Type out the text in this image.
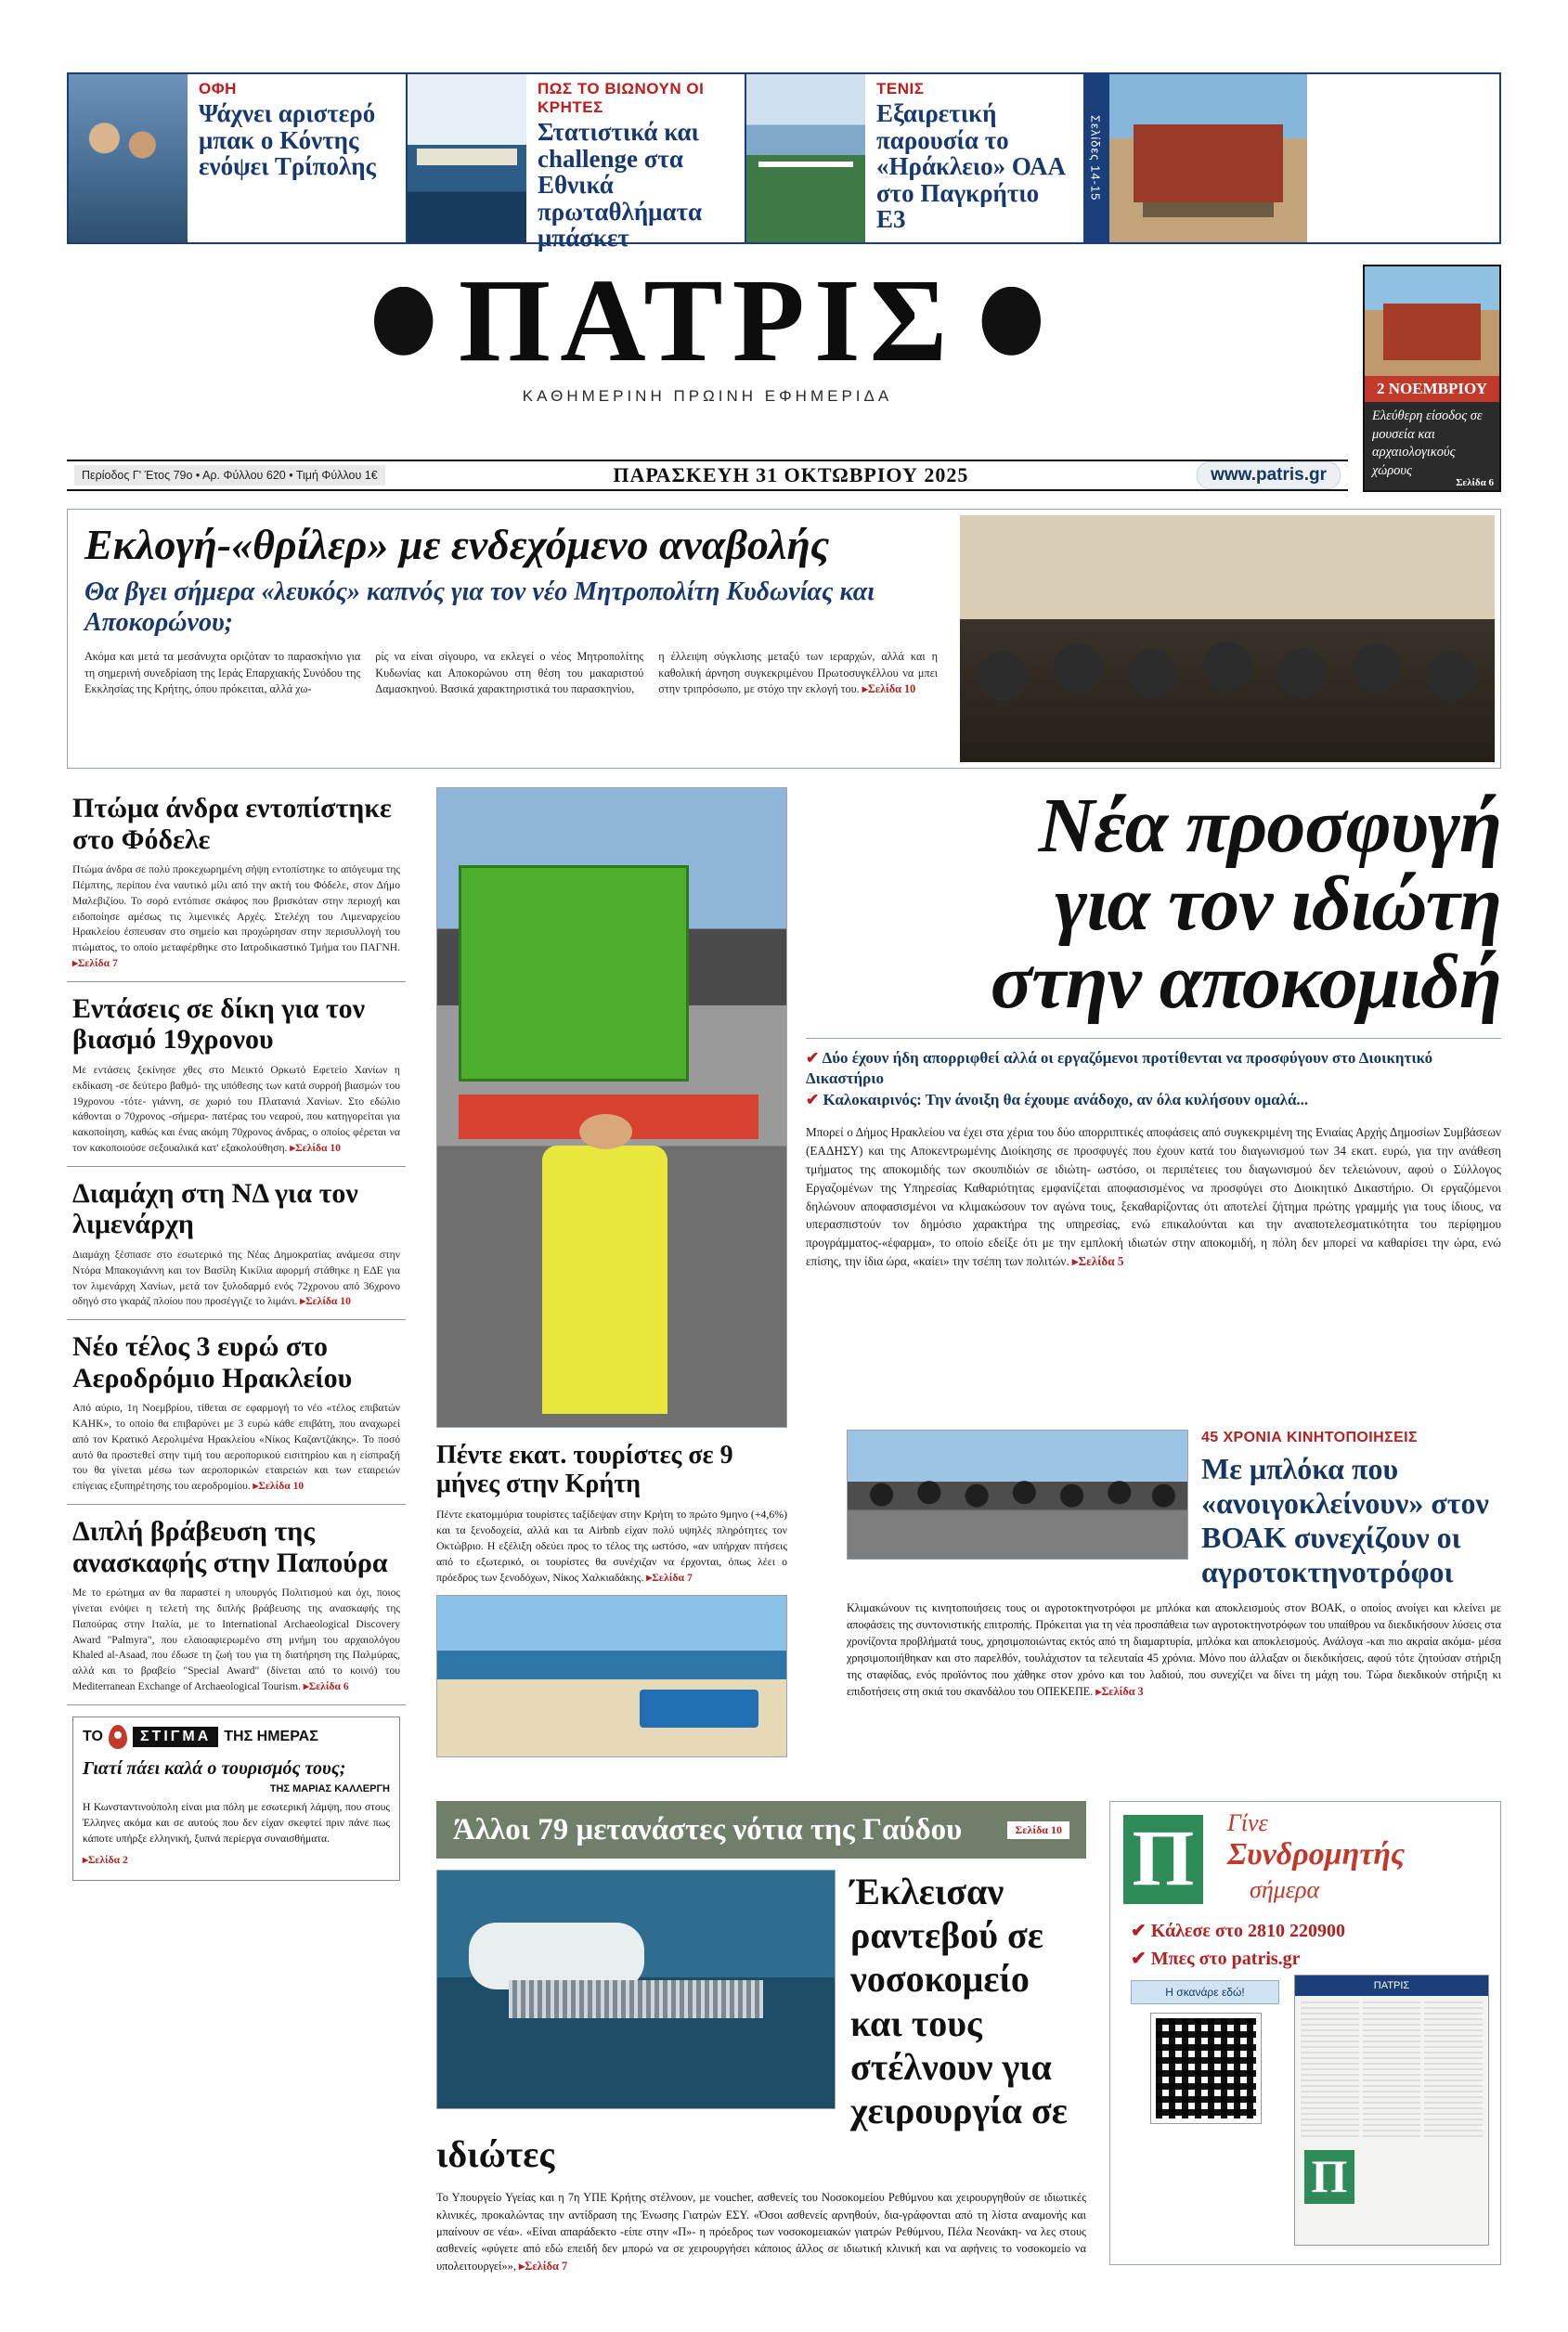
ΟΦΗ
Ψάχνει αριστερό μπακ ο Κόντης ενόψει Τρίπολης
ΠΩΣ ΤΟ ΒΙΩΝΟΥΝ ΟΙ ΚΡΗΤΕΣ
Στατιστικά και challenge στα Εθνικά πρωταθλήματα μπάσκετ
ΤΕΝΙΣ
Εξαιρετική παρουσία το «Ηράκλειο» ΟΑΑ στο Παγκρήτιο Ε3
Σελίδες 14-15
ΠΑΤΡΙΣ
ΚΑΘΗΜΕΡΙΝΗ ΠΡΩΙΝΗ ΕΦΗΜΕΡΙΔΑ
Περίοδος Γ' Έτος 79ο • Αρ. Φύλλου 620 • Τιμή Φύλλου 1€	ΠΑΡΑΣΚΕΥΗ 31 ΟΚΤΩΒΡΙΟΥ 2025	www.patris.gr
2 ΝΟΕΜΒΡΙΟΥ
Ελεύθερη είσοδος σε μουσεία και αρχαιολογικούς χώρους
Σελίδα 6
Εκλογή-«θρίλερ» με ενδεχόμενο αναβολής
Θα βγει σήμερα «λευκός» καπνός για τον νέο Μητροπολίτη Κυδωνίας και Αποκορώνου;

Ακόμα και μετά τα μεσάνυχτα οριζόταν το παρασκήνιο για τη σημερινή συνεδρίαση της Ιεράς Επαρχιακής Συνόδου της Εκκλησίας της Κρήτης, όπου πρόκειται, αλλά χω-

ρίς να είναι σίγουρο, να εκλεγεί ο νέος Μητροπολίτης Κυδωνίας και Αποκορώνου στη θέση του μακαριστού Δαμασκηνού. Βασικά χαρακτηριστικά του παρασκηνίου,

η έλλειψη σύγκλισης μεταξύ των ιεραρχών, αλλά και η καθολική άρνηση συγκεκριμένου Πρωτοσυγκέλλου να μπει στην τριπρόσωπο, με στόχο την εκλογή του. ▸ Σελίδα 10

Πτώμα άνδρα εντοπίστηκε στο Φόδελε

Πτώμα άνδρα σε πολύ προκεχωρημένη σήψη εντοπίστηκε το απόγευμα της Πέμπτης, περίπου ένα ναυτικό μίλι από την ακτή του Φόδελε, στον Δήμο Μαλεβιζίου. Το σορό εντόπισε σκάφος που βρισκόταν στην περιοχή και ειδοποίησε αμέσως τις λιμενικές Αρχές. Στελέχη του Λιμεναρχείου Ηρακλείου έσπευσαν στο σημείο και προχώρησαν στην περισυλλογή του πτώματος, το οποίο μεταφέρθηκε στο Ιατροδικαστικό Τμήμα του ΠΑΓΝΗ. ▸ Σελίδα 7

Εντάσεις σε δίκη για τον βιασμό 19χρονου

Με εντάσεις ξεκίνησε χθες στο Μεικτό Ορκωτό Εφετείο Χανίων η εκδίκαση -σε δεύτερο βαθμό- της υπόθεσης των κατά συρροή βιασμών του 19χρονου -τότε- γιάννη, σε χωριό του Πλατανιά Χανίων. Στο εδώλιο κάθονται ο 70χρονος -σήμερα- πατέρας του νεαρού, που κατηγορείται για κακοποίηση, καθώς και ένας ακόμη 70χρονος άνδρας, ο οποίος φέρεται να τον κακοποιούσε σεξουαλικά κατ' εξακολούθηση. ▸ Σελίδα 10

Διαμάχη στη ΝΔ για τον λιμενάρχη

Διαμάχη ξέσπασε στο εσωτερικό της Νέας Δημοκρατίας ανάμεσα στην Ντόρα Μπακογιάννη και τον Βασίλη Κικίλια αφορμή στάθηκε η ΕΔΕ για τον λιμενάρχη Χανίων, μετά τον ξυλοδαρμό ενός 72χρονου από 36χρονο οδηγό στο γκαράζ πλοίου που προσέγγιζε το λιμάνι. ▸ Σελίδα 10

Νέο τέλος 3 ευρώ στο Αεροδρόμιο Ηρακλείου

Από αύριο, 1η Νοεμβρίου, τίθεται σε εφαρμογή το νέο «τέλος επιβατών ΚΑΗΚ», το οποίο θα επιβαρύνει με 3 ευρώ κάθε επιβάτη, που αναχωρεί από τον Κρατικό Αερολιμένα Ηρακλείου «Νίκος Καζαντζάκης». Το ποσό αυτό θα προστεθεί στην τιμή του αεροπορικού εισιτηρίου και η είσπραξή του θα γίνεται μέσω των αεροπορικών εταιρειών και των εταιρειών επίγειας εξυπηρέτησης του αεροδρομίου. ▸ Σελίδα 10

Διπλή βράβευση της ανασκαφής στην Παπούρα

Με το ερώτημα αν θα παραστεί η υπουργός Πολιτισμού και όχι, ποιος γίνεται ενόψει η τελετή της διπλής βράβευσης της ανασκαφής της Παπούρας στην Ιταλία, με το International Archaeological Discovery Award "Palmyra", που ελαιοαφιερωμένο στη μνήμη του αρχαιολόγου Khaled al-Asaad, που έδωσε τη ζωή του για τη διατήρηση της Παλμύρας, αλλά και το βραβείο "Special Award" (δίνεται από το κοινό) του Mediterranean Exchange of Archaeological Tourism. ▸ Σελίδα 6

ΤΟ	ΣΤΙΓΜΑ ΤΗΣ ΗΜΕΡΑΣ
Γιατί πάει καλά ο τουρισμός τους;
ΤΗΣ ΜΑΡΙΑΣ ΚΑΛΛΕΡΓΗ

Η Κωνσταντινούπολη είναι μια πόλη με εσωτερική λάμψη, που στους Έλληνες ακόμα και σε αυτούς που δεν είχαν σκεφτεί πριν πάνε πως κάποτε υπήρξε ελληνική, ξυπνά περίεργα συναισθήματα.

▸ Σελίδα 2

Νέα προσφυγή
για τον ιδιώτη
στην αποκομιδή
✔ Δύο έχουν ήδη απορριφθεί αλλά οι εργαζόμενοι προτίθενται να προσφύγουν στο Διοικητικό Δικαστήριο
✔ Καλοκαιρινός: Την άνοιξη θα έχουμε ανάδοχο, αν όλα κυλήσουν ομαλά...
Μπορεί ο Δήμος Ηρακλείου να έχει στα χέρια του δύο απορριπτικές αποφάσεις από συγκεκριμένη της Ενιαίας Αρχής Δημοσίων Συμβάσεων (ΕΑΔΗΣΥ) και της Αποκεντρωμένης Διοίκησης σε προσφυγές που έχουν κατά του διαγωνισμού των 34 εκατ. ευρώ, για την ανάθεση τμήματος της αποκομιδής των σκουπιδιών σε ιδιώτη- ωστόσο, οι περιπέτειες του διαγωνισμού δεν τελειώνουν, αφού ο Σύλλογος Εργαζομένων της Υπηρεσίας Καθαριότητας εμφανίζεται αποφασισμένος να προσφύγει στο Διοικητικό Δικαστήριο. Οι εργαζόμενοι δηλώνουν αποφασισμένοι να κλιμακώσουν τον αγώνα τους, ξεκαθαρίζοντας ότι αποτελεί ζήτημα πρώτης γραμμής για τους ίδιους, να υπερασπιστούν τον δημόσιο χαρακτήρα της υπηρεσίας, ενώ επικαλούνται και την αναποτελεσματικότητα του περίφημου προγράμματος-«έφαρμα», το οποίο εδείξε ότι με την εμπλοκή ιδιωτών στην αποκομιδή, η πόλη δεν μπορεί να καθαρίσει την ώρα, ενώ επίσης, την ίδια ώρα, «καίει» την τσέπη των πολιτών. ▸ Σελίδα 5
Πέντε εκατ. τουρίστες σε 9 μήνες στην Κρήτη

Πέντε εκατομμύρια τουρίστες ταξίδεψαν στην Κρήτη το πρώτο 9μηνο (+4,6%) και τα ξενοδοχεία, αλλά και τα Airbnb είχαν πολύ υψηλές πληρότητες τον Οκτώβριο. Η εξέλιξη οδεύει προς το τέλος της ωστόσο, «αν υπήρχαν πτήσεις από το εξωτερικό, οι τουρίστες θα συνέχιζαν να έρχονται, όπως λέει ο πρόεδρος των ξενοδόχων, Νίκος Χαλκιαδάκης. ▸ Σελίδα 7

45 ΧΡΟΝΙΑ ΚΙΝΗΤΟΠΟΙΗΣΕΙΣ
Με μπλόκα που «ανοιγοκλείνουν» στον ΒΟΑΚ συνεχίζουν οι αγροτοκτηνοτρόφοι
Κλιμακώνουν τις κινητοποιήσεις τους οι αγροτοκτηνοτρόφοι με μπλόκα και αποκλεισμούς στον ΒΟΑΚ, ο οποίος ανοίγει και κλείνει με αποφάσεις της συντονιστικής επιτροπής. Πρόκειται για τη νέα προσπάθεια των αγροτοκτηνοτρόφων του υπαίθρου να διεκδικήσουν λύσεις στα χρονίζοντα προβλήματά τους, χρησιμοποιώντας εκτός από τη διαμαρτυρία, μπλόκα και αποκλεισμούς. Ανάλογα -και πιο ακραία ακόμα- μέσα χρησιμοποιήθηκαν και στο παρελθόν, τουλάχιστον τα τελευταία 45 χρόνια. Μόνο που άλλαξαν οι διεκδικήσεις, αφού τότε ζητούσαν στήριξη της σταφίδας, ενός προϊόντος που χάθηκε στον χρόνο και του λαδιού, που συνεχίζει να δίνει τη μάχη του. Τώρα διεκδικούν στήριξη κι επιδοτήσεις στη σκιά του σκανδάλου του ΟΠΕΚΕΠΕ. ▸ Σελίδα 3
Άλλοι 79 μετανάστες νότια της Γαύδου	Σελίδα 10
Έκλεισαν ραντεβού σε νοσοκομείο και τους στέλνουν για χειρουργία σε ιδιώτες
Το Υπουργείο Υγείας και η 7η ΥΠΕ Κρήτης στέλνουν, με voucher, ασθενείς του Νοσοκομείου Ρεθύμνου και χειρουργηθούν σε ιδιωτικές κλινικές, προκαλώντας την αντίδραση της Ένωσης Γιατρών ΕΣΥ. «Όσοι ασθενείς αρνηθούν, δια-γράφονται από τη λίστα αναμονής και μπαίνουν σε νέα». «Είναι απαράδεκτο -είπε στην «Π»- η πρόεδρος των νοσοκομειακών γιατρών Ρεθύμνου, Πέλα Νεονάκη- να λες στους ασθενείς «φύγετε από εδώ επειδή δεν μπορώ να σε χειρουργήσει κάποιος άλλος σε ιδιωτική κλινική και να αφήνεις το νοσοκομείο να υπολειτουργεί»», ▸ Σελίδα 7
Π	Γίνε
Συνδρομητής
σήμερα
✔ Κάλεσε στο 2810 220900
✔ Μπες στο patris.gr
Η σκανάρε εδώ!	ΠΑΤΡΙΣ
Π
